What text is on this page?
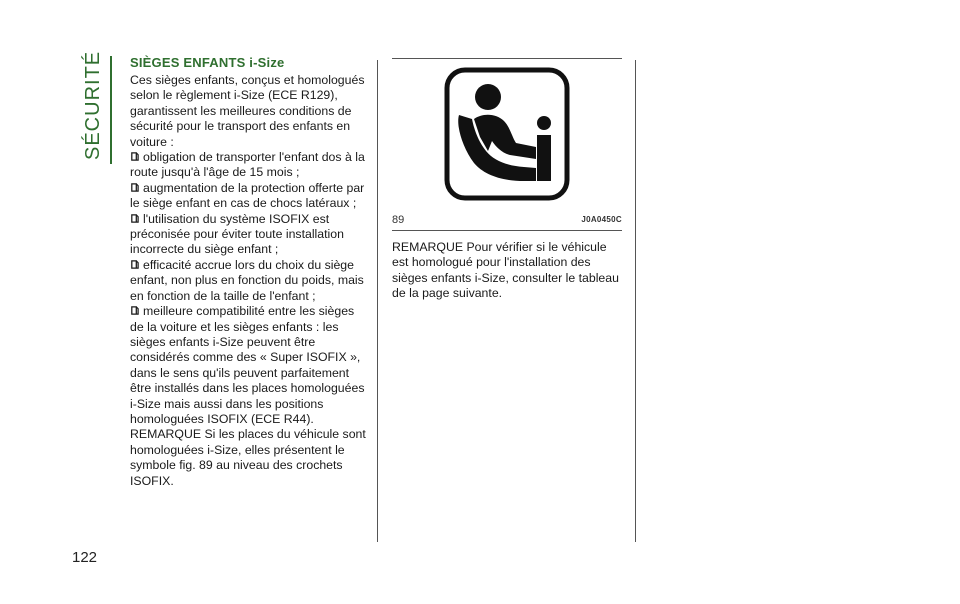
SÉCURITÉ
122

SIÈGES ENFANTS i-Size

Ces sièges enfants, conçus et homologués selon le règlement i-Size (ECE R129), garantissent les meilleures conditions de sécurité pour le transport des enfants en voiture :

obligation de transporter l'enfant dos à la route jusqu'à l'âge de 15 mois ;

augmentation de la protection offerte par le siège enfant en cas de chocs latéraux ;

l'utilisation du système ISOFIX est préconisée pour éviter toute installation incorrecte du siège enfant ;

efficacité accrue lors du choix du siège enfant, non plus en fonction du poids, mais en fonction de la taille de l'enfant ;

meilleure compatibilité entre les sièges de la voiture et les sièges enfants : les sièges enfants i-Size peuvent être considérés comme des « Super ISOFIX », dans le sens qu'ils peuvent parfaitement être installés dans les places homologuées i-Size mais aussi dans les positions homologuées ISOFIX (ECE R44).

REMARQUE Si les places du véhicule sont homologuées i-Size, elles présentent le symbole fig. 89 au niveau des crochets ISOFIX.

89	J0A0450C

REMARQUE Pour vérifier si le véhicule est homologué pour l'installation des sièges enfants i-Size, consulter le tableau de la page suivante.
